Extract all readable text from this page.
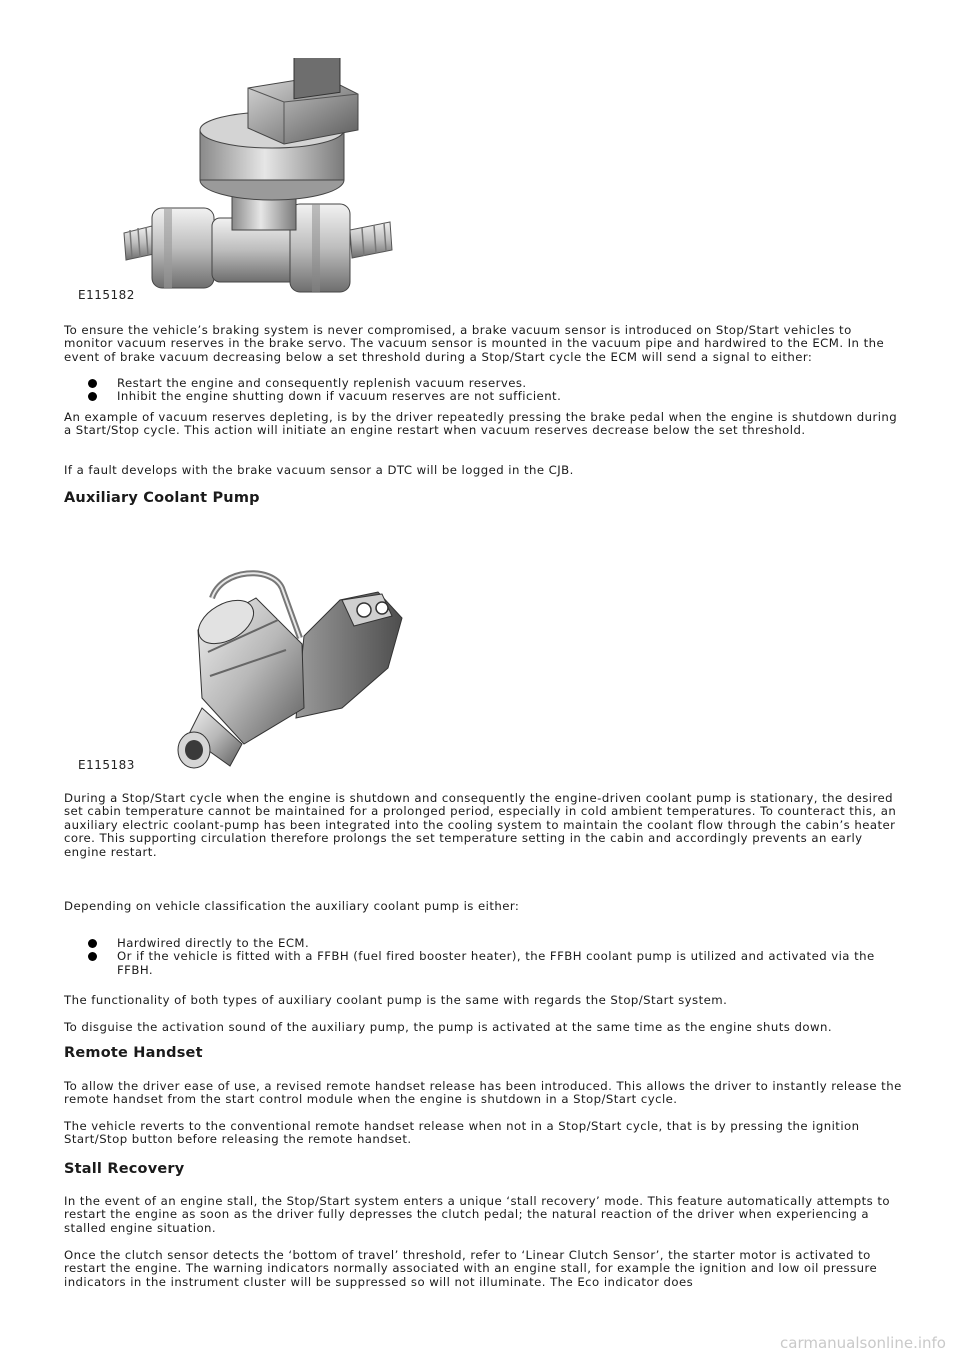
E115182

To ensure the vehicle’s braking system is never compromised, a brake vacuum sensor is introduced on Stop/Start vehicles to monitor vacuum reserves in the brake servo. The vacuum sensor is mounted in the vacuum pipe and hardwired to the ECM. In the event of brake vacuum decreasing below a set threshold during a Stop/Start cycle the ECM will send a signal to either:

Restart the engine and consequently replenish vacuum reserves.
Inhibit the engine shutting down if vacuum reserves are not sufficient.

An example of vacuum reserves depleting, is by the driver repeatedly pressing the brake pedal when the engine is shutdown during a Start/Stop cycle. This action will initiate an engine restart when vacuum reserves decrease below the set threshold.

If a fault develops with the brake vacuum sensor a DTC will be logged in the CJB.

Auxiliary Coolant Pump
E115183

During a Stop/Start cycle when the engine is shutdown and consequently the engine-driven coolant pump is stationary, the desired set cabin temperature cannot be maintained for a prolonged period, especially in cold ambient temperatures. To counteract this, an auxiliary electric coolant-pump has been integrated into the cooling system to maintain the coolant flow through the cabin’s heater core. This supporting circulation therefore prolongs the set temperature setting in the cabin and accordingly prevents an early engine restart.

Depending on vehicle classification the auxiliary coolant pump is either:

Hardwired directly to the ECM.
Or if the vehicle is fitted with a FFBH (fuel fired booster heater), the FFBH coolant pump is utilized and activated via the FFBH.

The functionality of both types of auxiliary coolant pump is the same with regards the Stop/Start system.

To disguise the activation sound of the auxiliary pump, the pump is activated at the same time as the engine shuts down.

Remote Handset

To allow the driver ease of use, a revised remote handset release has been introduced. This allows the driver to instantly release the remote handset from the start control module when the engine is shutdown in a Stop/Start cycle.

The vehicle reverts to the conventional remote handset release when not in a Stop/Start cycle, that is by pressing the ignition Start/Stop button before releasing the remote handset.

Stall Recovery

In the event of an engine stall, the Stop/Start system enters a unique ‘stall recovery’ mode. This feature automatically attempts to restart the engine as soon as the driver fully depresses the clutch pedal; the natural reaction of the driver when experiencing a stalled engine situation.

Once the clutch sensor detects the ‘bottom of travel’ threshold, refer to ‘Linear Clutch Sensor’, the starter motor is activated to restart the engine. The warning indicators normally associated with an engine stall, for example the ignition and low oil pressure indicators in the instrument cluster will be suppressed so will not illuminate. The Eco indicator does

carmanualsonline.info
